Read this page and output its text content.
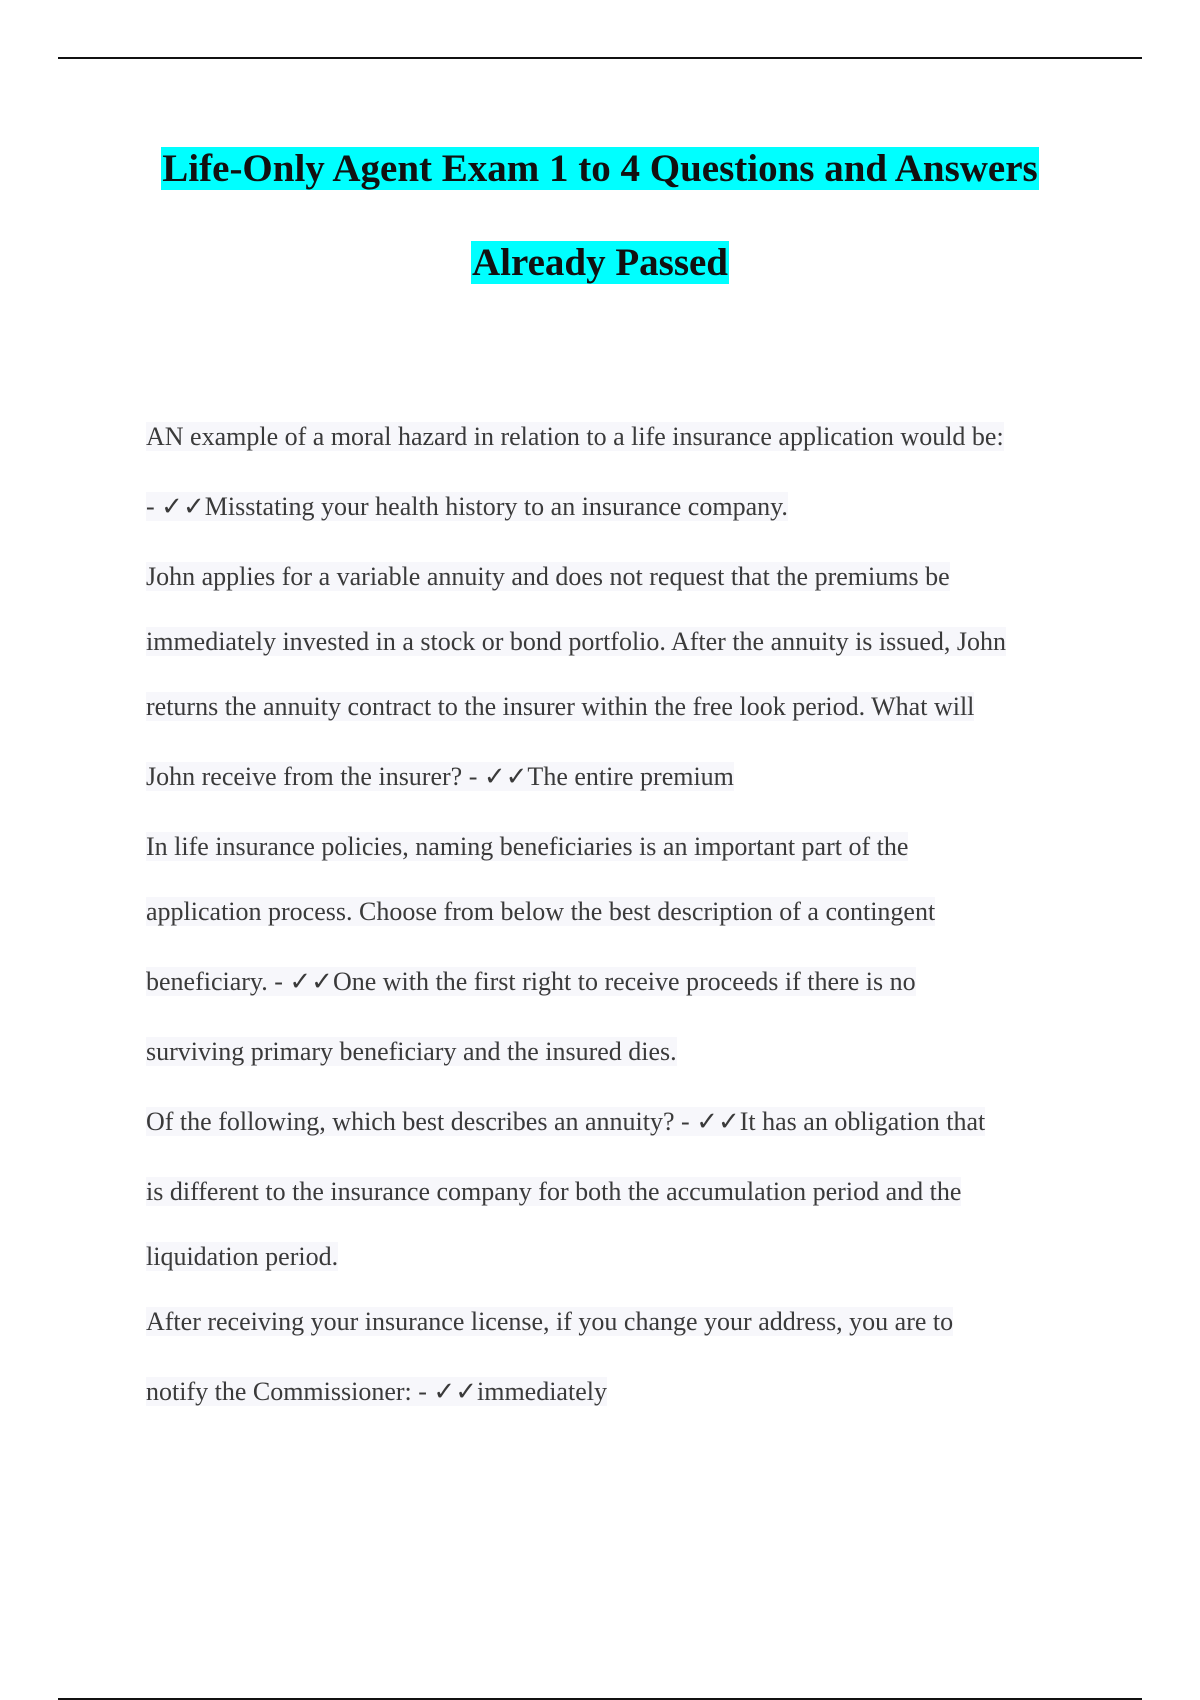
Life-Only Agent Exam 1 to 4 Questions and Answers
Already Passed
AN example of a moral hazard in relation to a life insurance application would be:
- ✓✓Misstating your health history to an insurance company.
John applies for a variable annuity and does not request that the premiums be
immediately invested in a stock or bond portfolio. After the annuity is issued, John
returns the annuity contract to the insurer within the free look period. What will
John receive from the insurer? - ✓✓The entire premium
In life insurance policies, naming beneficiaries is an important part of the
application process. Choose from below the best description of a contingent
beneficiary. - ✓✓One with the first right to receive proceeds if there is no
surviving primary beneficiary and the insured dies.
Of the following, which best describes an annuity? - ✓✓It has an obligation that
is different to the insurance company for both the accumulation period and the
liquidation period.
After receiving your insurance license, if you change your address, you are to
notify the Commissioner: - ✓✓immediately
